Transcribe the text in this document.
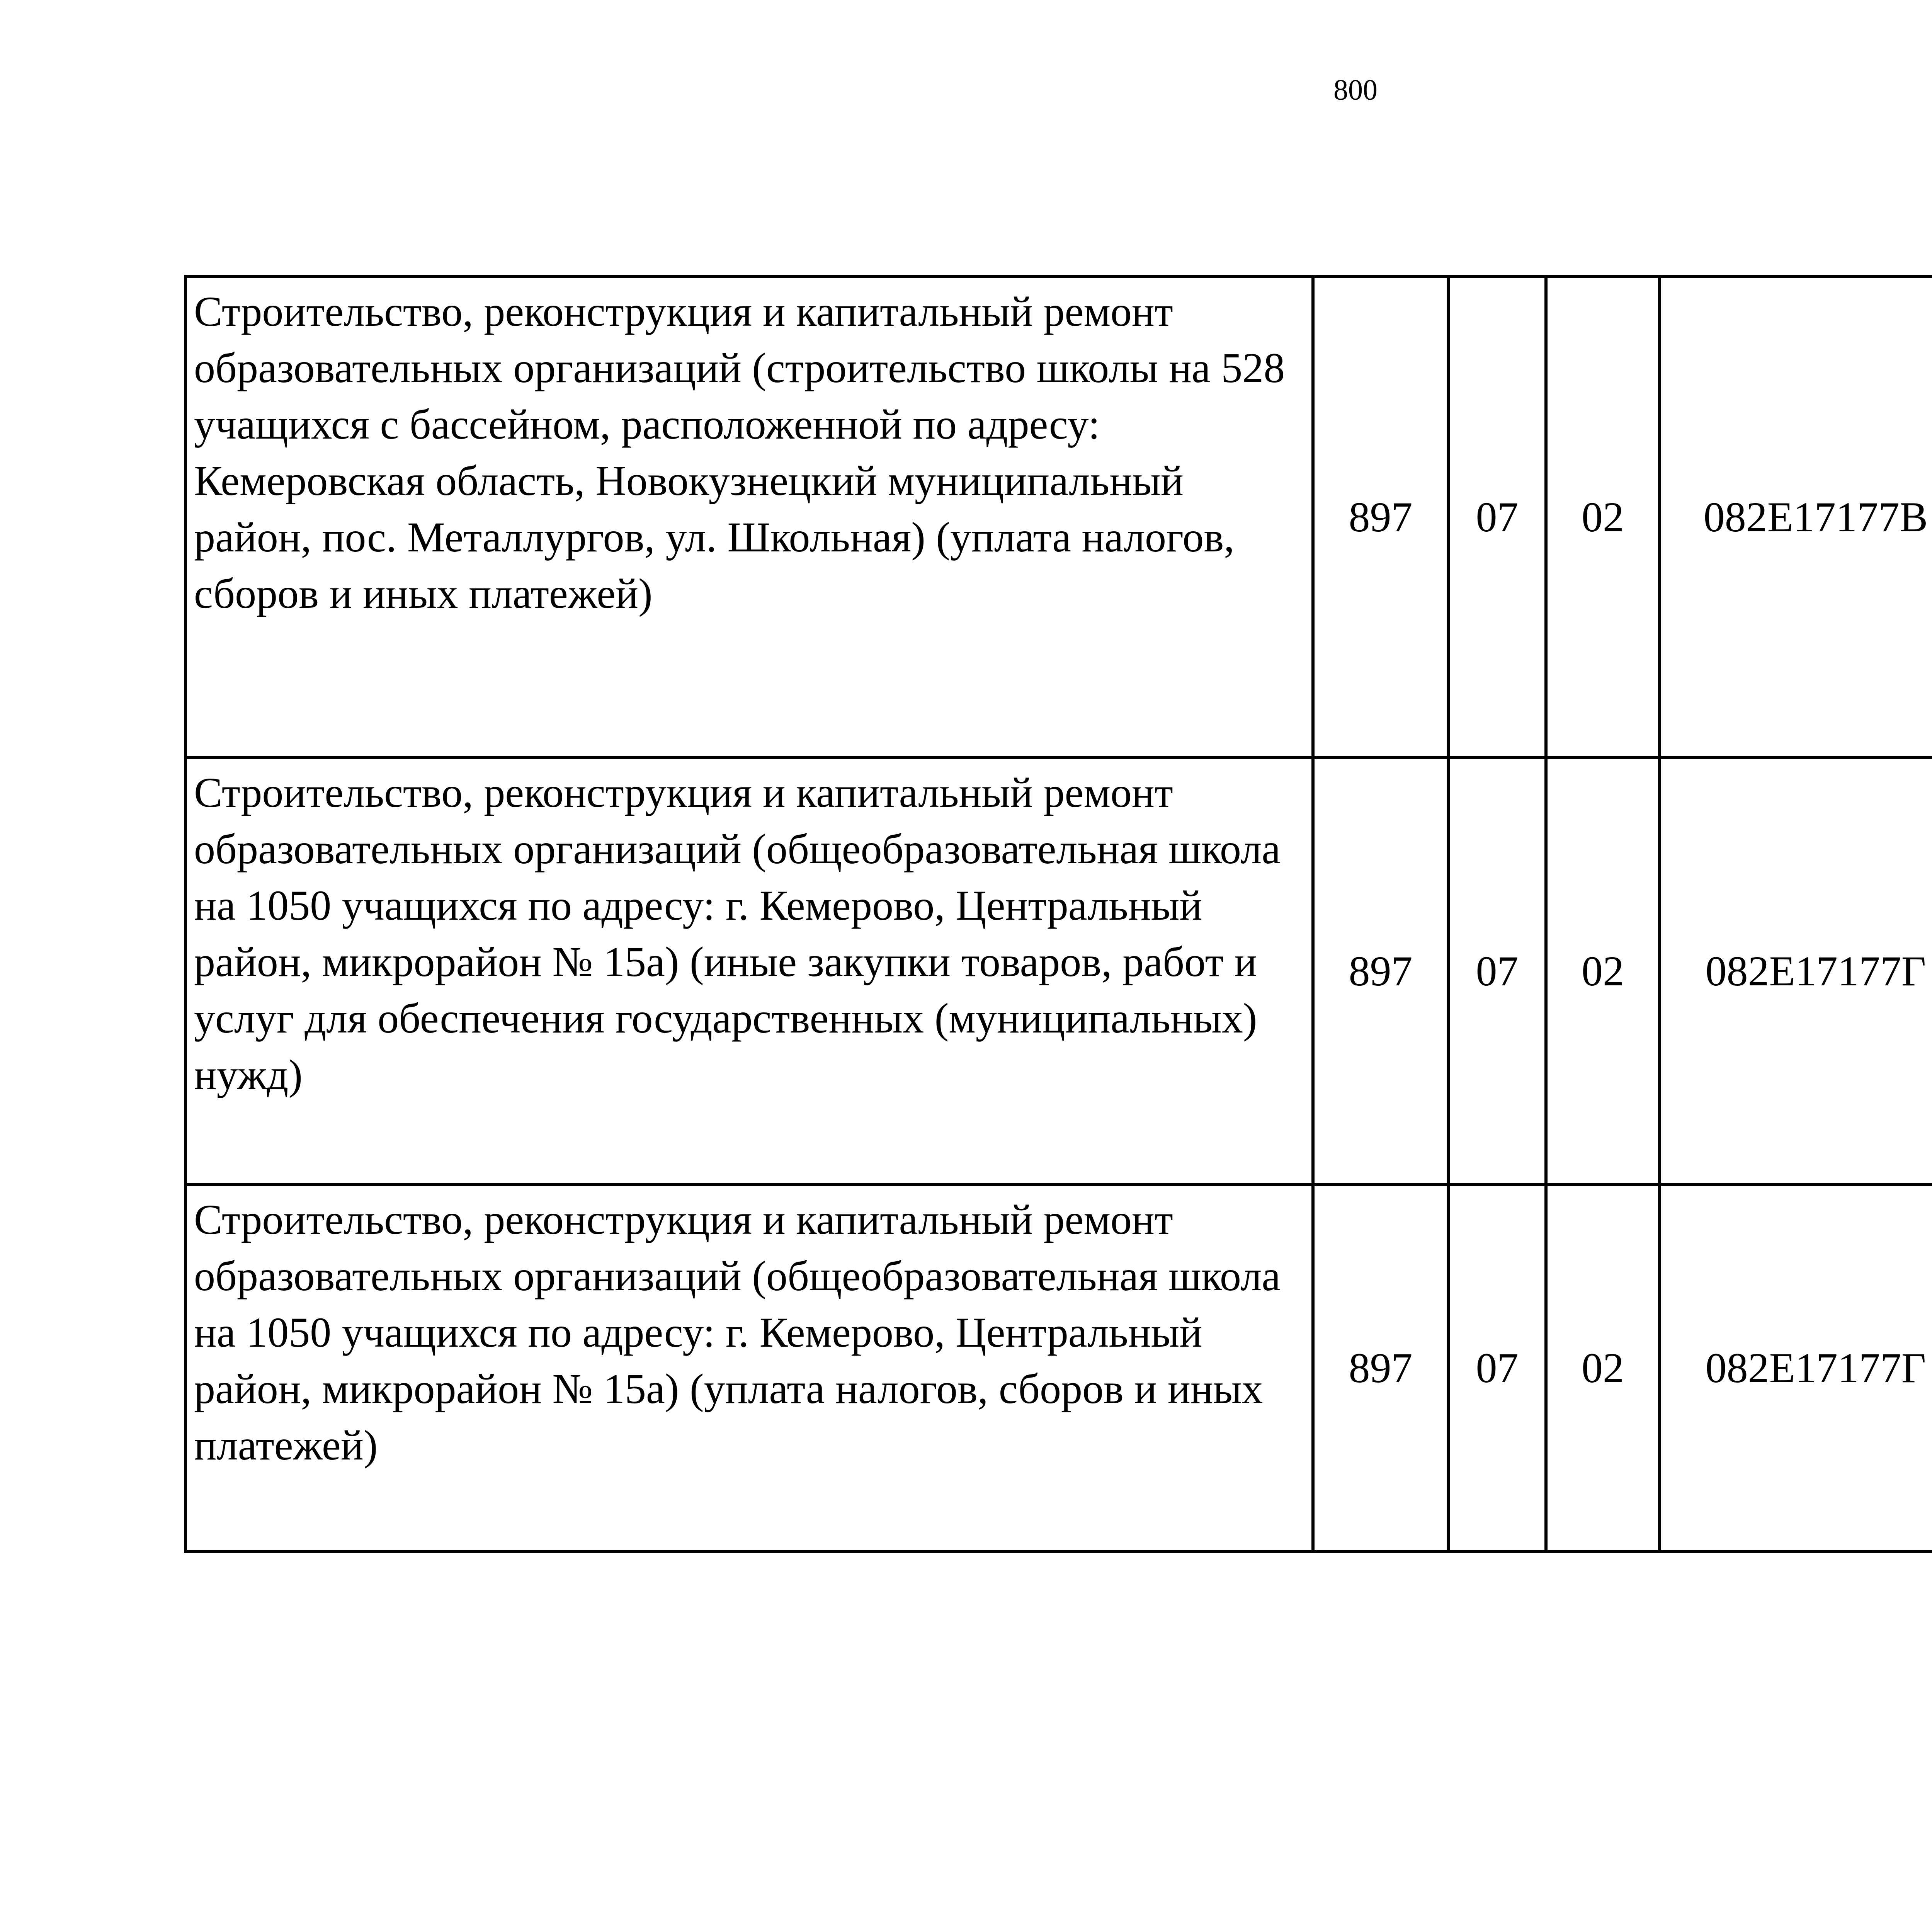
800
Строительство, реконструкция и капитальный ремонт образовательных организаций (строительство школы на 528 учащихся с бассейном, расположенной по адресу: Кемеровская область, Новокузнецкий муниципальный район, пос. Металлургов, ул. Школьная) (уплата налогов, сборов и иных платежей)	897	07	02	082E17177В		
Строительство, реконструкция и капитальный ремонт образовательных организаций (общеобразовательная школа на 1050 учащихся по адресу: г. Кемерово, Центральный район, микрорайон № 15а) (иные закупки товаров, работ и услуг для обеспечения государственных (муниципальных) нужд)	897	07	02	082E17177Г		
Строительство, реконструкция и капитальный ремонт образовательных организаций (общеобразовательная школа на 1050 учащихся по адресу: г. Кемерово, Центральный район, микрорайон № 15а) (уплата налогов, сборов и иных платежей)	897	07	02	082E17177Г		
